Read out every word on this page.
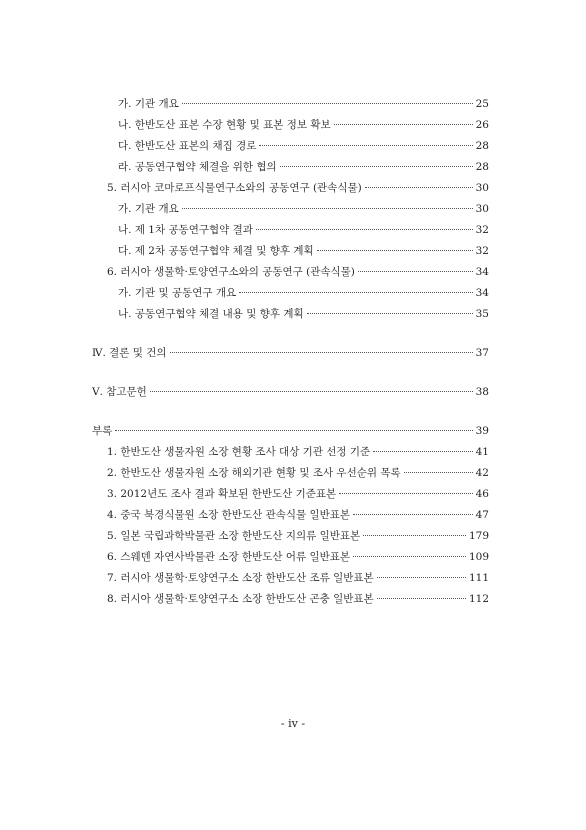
가. 기관 개요	25
나. 한반도산 표본 수장 현황 및 표본 정보 확보	26
다. 한반도산 표본의 채집 경로	28
라. 공동연구협약 체결을 위한 협의	28
5. 러시아 코마로프식물연구소와의 공동연구 (관속식물)	30
가. 기관 개요	30
나. 제 1차 공동연구협약 결과	32
다. 제 2차 공동연구협약 체결 및 향후 계획	32
6. 러시아 생물학·토양연구소와의 공동연구 (관속식물)	34
가. 기관 및 공동연구 개요	34
나. 공동연구협약 체결 내용 및 향후 계획	35
Ⅳ. 결론 및 건의	37
Ⅴ. 참고문헌	38
부록	39
1. 한반도산 생물자원 소장 현황 조사 대상 기관 선정 기준	41
2. 한반도산 생물자원 소장 해외기관 현황 및 조사 우선순위 목록	42
3. 2012년도 조사 결과 확보된 한반도산 기준표본	46
4. 중국 북경식물원 소장 한반도산 관속식물 일반표본	47
5. 일본 국립과학박물관 소장 한반도산 지의류 일반표본	179
6. 스웨덴 자연사박물관 소장 한반도산 어류 일반표본	109
7. 러시아 생물학·토양연구소 소장 한반도산 조류 일반표본	111
8. 러시아 생물학·토양연구소 소장 한반도산 곤충 일반표본	112
- iv -
